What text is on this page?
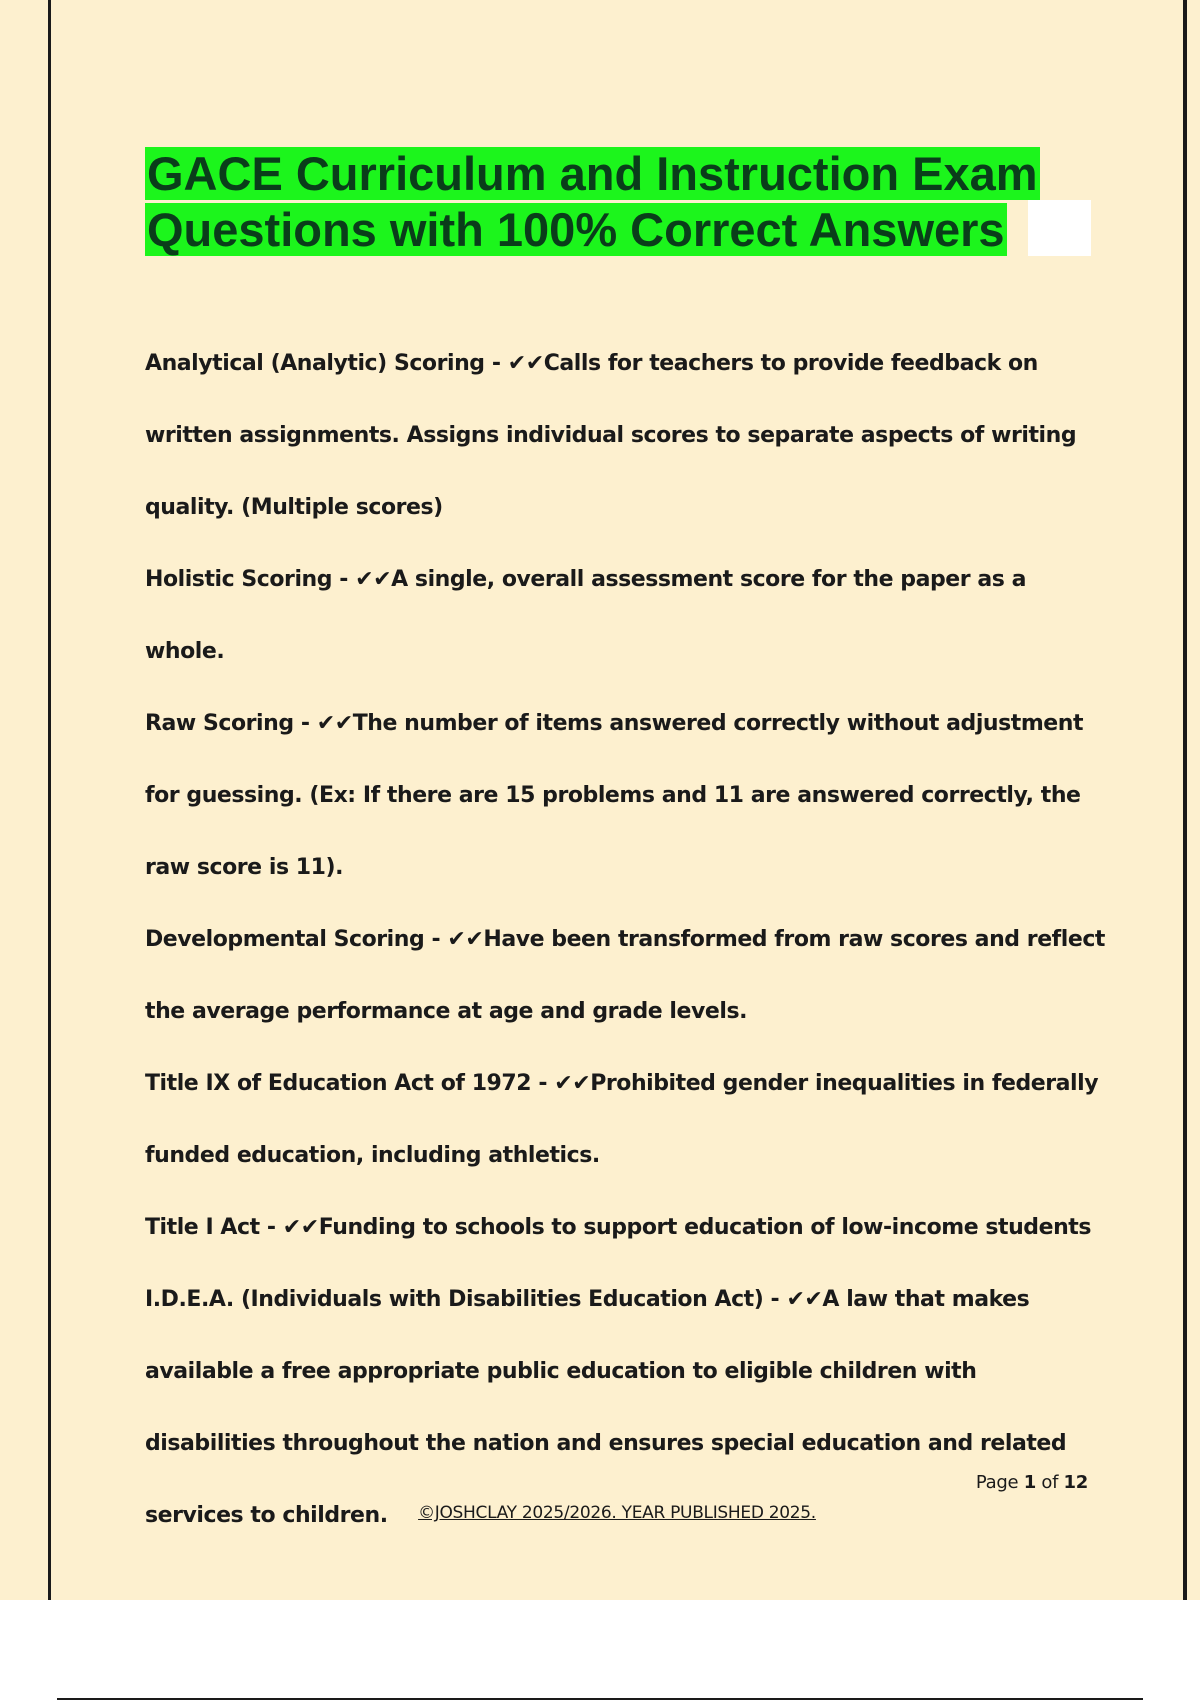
GACE Curriculum and Instruction Exam
Questions with 100% Correct Answers

Analytical (Analytic) Scoring - ✔✔Calls for teachers to provide feedback on written assignments. Assigns individual scores to separate aspects of writing quality. (Multiple scores)

Holistic Scoring - ✔✔A single, overall assessment score for the paper as a whole.

Raw Scoring - ✔✔The number of items answered correctly without adjustment for guessing. (Ex: If there are 15 problems and 11 are answered correctly, the raw score is 11).

Developmental Scoring - ✔✔Have been transformed from raw scores and reflect the average performance at age and grade levels.

Title IX of Education Act of 1972 - ✔✔Prohibited gender inequalities in federally funded education, including athletics.

Title I Act - ✔✔Funding to schools to support education of low-income students

I.D.E.A. (Individuals with Disabilities Education Act) - ✔✔A law that makes available a free appropriate public education to eligible children with disabilities throughout the nation and ensures special education and related services to children.

Page 1 of 12
©JOSHCLAY 2025/2026. YEAR PUBLISHED 2025.
